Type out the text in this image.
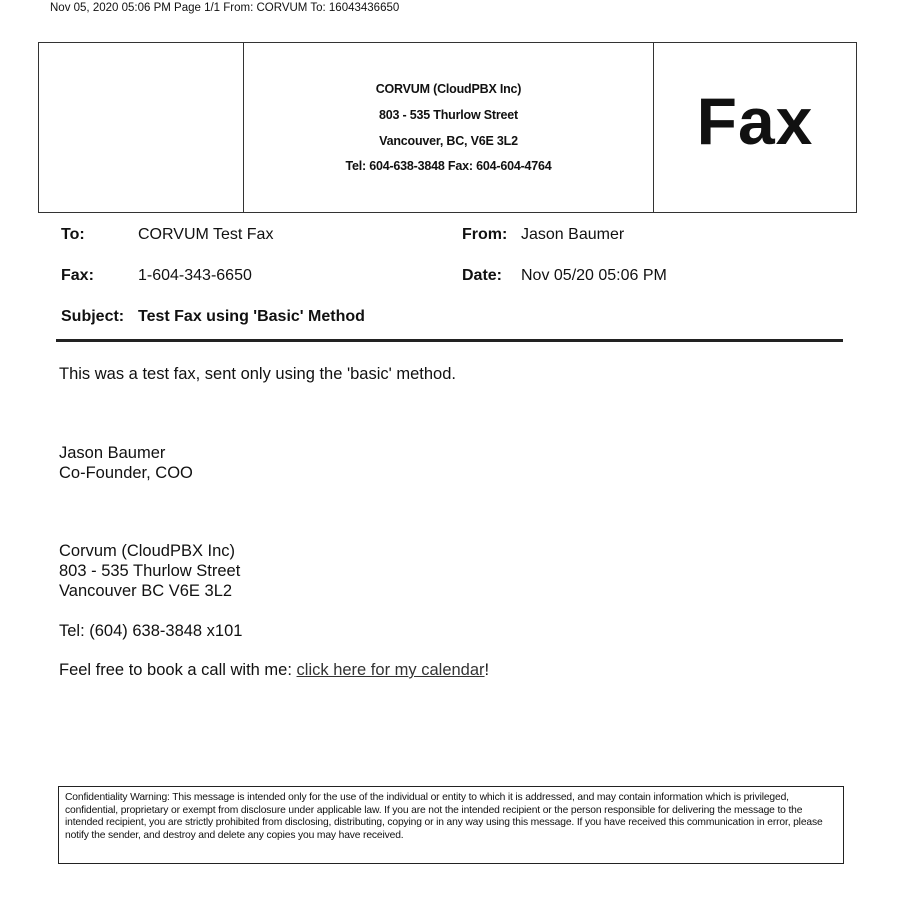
Nov 05, 2020 05:06 PM Page 1/1 From: CORVUM To: 16043436650
CORVUM (CloudPBX Inc)
803 - 535 Thurlow Street
Vancouver, BC, V6E 3L2
Tel: 604-638-3848 Fax: 604-604-4764
Fax
To:	CORVUM Test Fax	From: Jason Baumer
Fax:	1-604-343-6650	Date: Nov 05/20 05:06 PM
Subject: Test Fax using 'Basic' Method
This was a test fax, sent only using the 'basic' method.
Jason Baumer
Co-Founder, COO
Corvum (CloudPBX Inc)
803 - 535 Thurlow Street
Vancouver BC V6E 3L2
Tel: (604) 638-3848 x101
Feel free to book a call with me: click here for my calendar!
Confidentiality Warning: This message is intended only for the use of the individual or entity to which it is addressed, and may contain information which is privileged, confidential, proprietary or exempt from disclosure under applicable law. If you are not the intended recipient or the person responsible for delivering the message to the intended recipient, you are strictly prohibited from disclosing, distributing, copying or in any way using this message. If you have received this communication in error, please notify the sender, and destroy and delete any copies you may have received.
